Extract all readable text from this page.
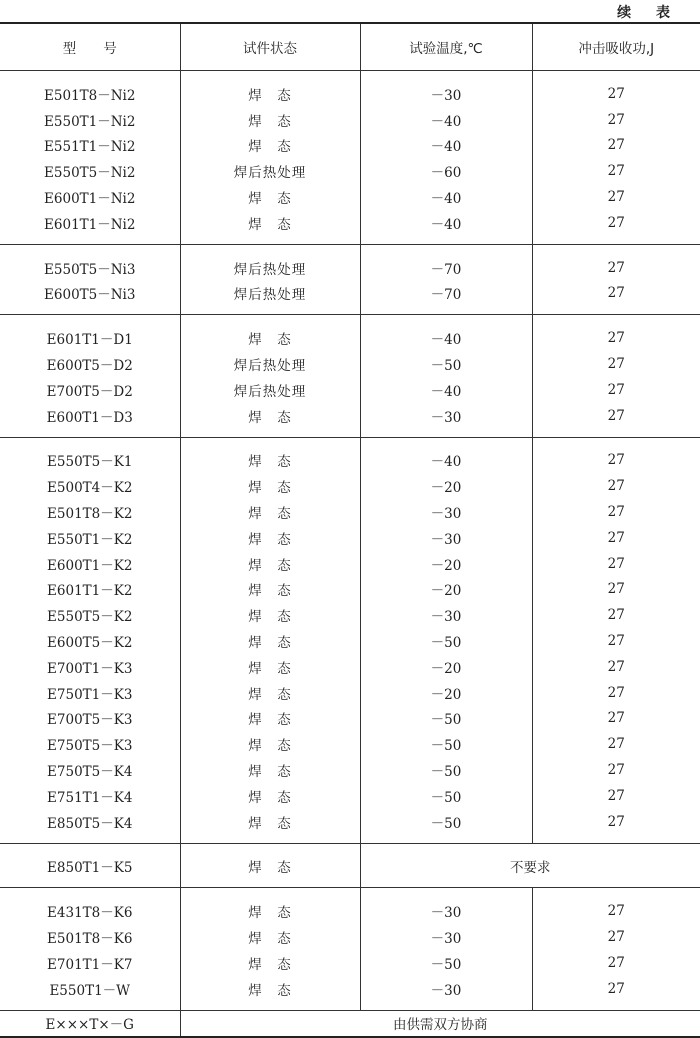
续 表
型　　号	试件状态	试验温度,℃	冲击吸收功,J
E501T8－Ni2	焊　态	－30	27
E550T1－Ni2	焊　态	－40	27
E551T1－Ni2	焊　态	－40	27
E550T5－Ni2	焊后热处理	－60	27
E600T1－Ni2	焊　态	－40	27
E601T1－Ni2	焊　态	－40	27
E550T5－Ni3	焊后热处理	－70	27
E600T5－Ni3	焊后热处理	－70	27
E601T1－D1	焊　态	－40	27
E600T5－D2	焊后热处理	－50	27
E700T5－D2	焊后热处理	－40	27
E600T1－D3	焊　态	－30	27
E550T5－K1	焊　态	－40	27
E500T4－K2	焊　态	－20	27
E501T8－K2	焊　态	－30	27
E550T1－K2	焊　态	－30	27
E600T1－K2	焊　态	－20	27
E601T1－K2	焊　态	－20	27
E550T5－K2	焊　态	－30	27
E600T5－K2	焊　态	－50	27
E700T1－K3	焊　态	－20	27
E750T1－K3	焊　态	－20	27
E700T5－K3	焊　态	－50	27
E750T5－K3	焊　态	－50	27
E750T5－K4	焊　态	－50	27
E751T1－K4	焊　态	－50	27
E850T5－K4	焊　态	－50	27
E850T1－K5	焊　态	不要求	
E431T8－K6	焊　态	－30	27
E501T8－K6	焊　态	－30	27
E701T1－K7	焊　态	－50	27
E550T1－W	焊　态	－30	27
E×××T×－G	由供需双方协商		
